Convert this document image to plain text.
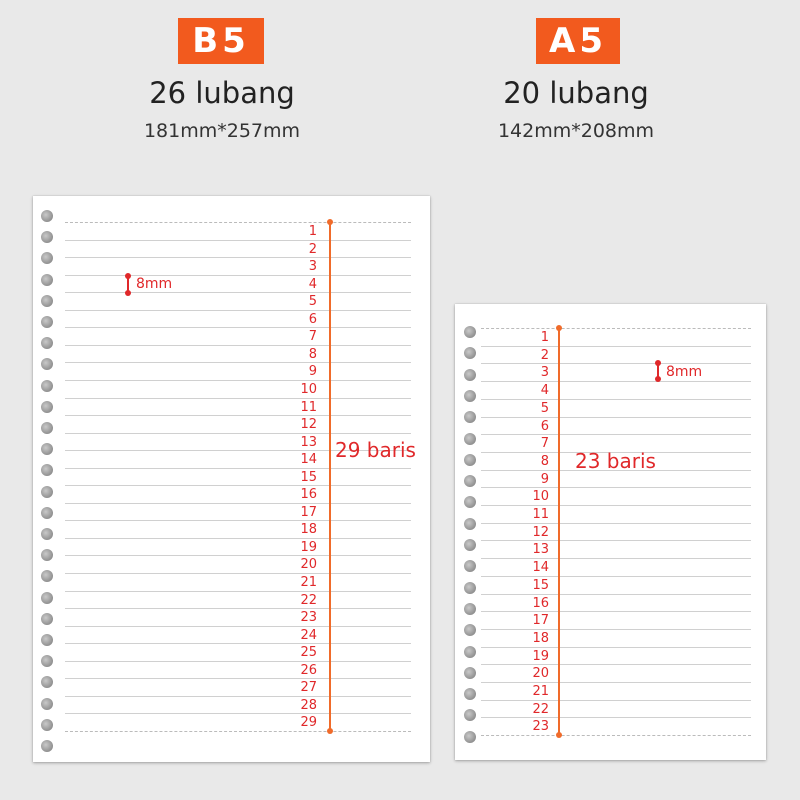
B5
26 lubang
181mm*257mm
A5
20 lubang
142mm*208mm
1
2
3
4
5
6
7
8
9
10
11
12
13
14
15
16
17
18
19
20
21
22
23
24
25
26
27
28
29
8mm
29 baris
1
2
3
4
5
6
7
8
9
10
11
12
13
14
15
16
17
18
19
20
21
22
23
8mm
23 baris
